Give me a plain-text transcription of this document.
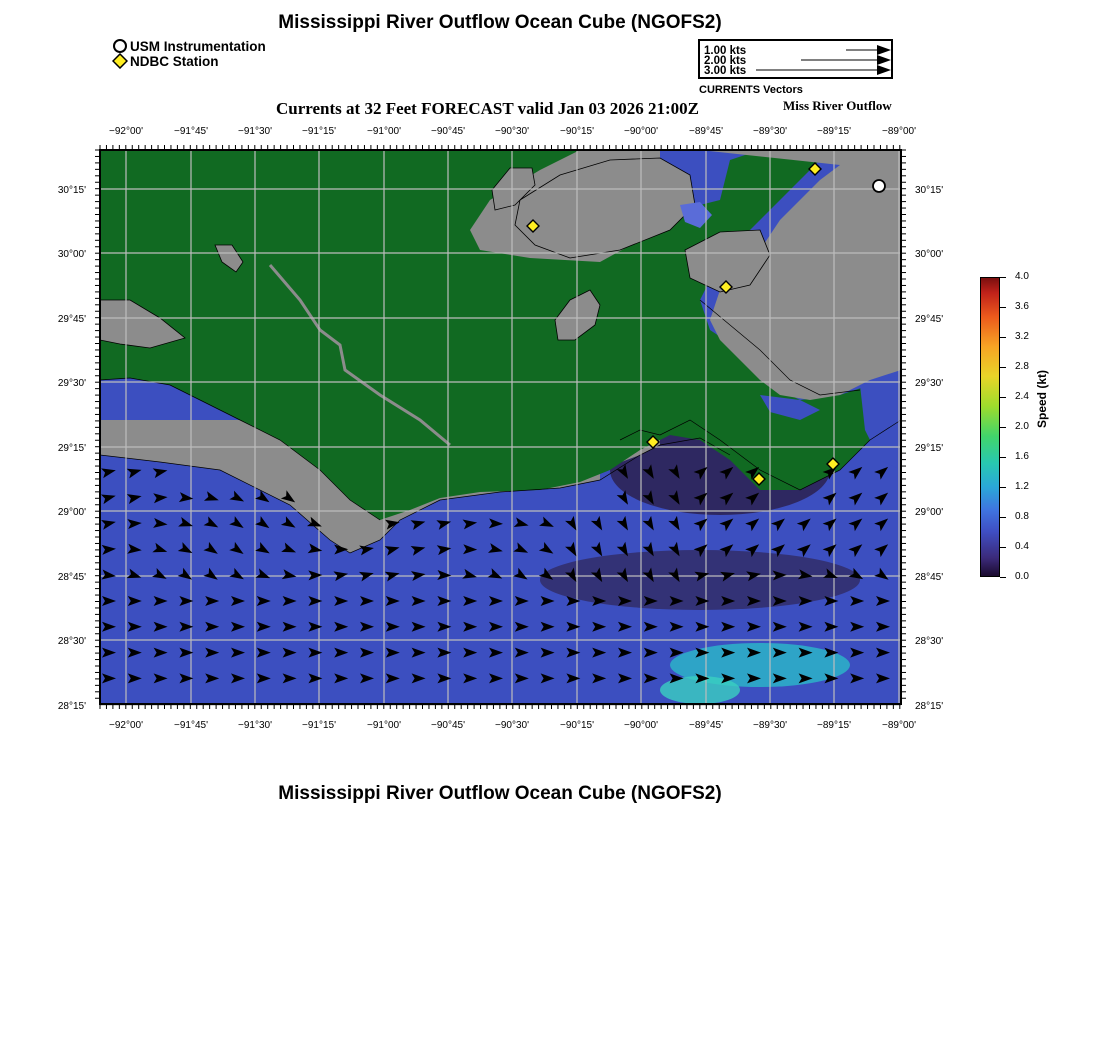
Mississippi River Outflow Ocean Cube (NGOFS2)
USM Instrumentation
NDBC Station
1.00 kts
2.00 kts
3.00 kts
CURRENTS Vectors
Currents at 32 Feet FORECAST valid Jan 03 2026 21:00Z	Miss River Outflow
−92°00'
−92°00'
−91°45'
−91°45'
−91°30'
−91°30'
−91°15'
−91°15'
−91°00'
−91°00'
−90°45'
−90°45'
−90°30'
−90°30'
−90°15'
−90°15'
−90°00'
−90°00'
−89°45'
−89°45'
−89°30'
−89°30'
−89°15'
−89°15'
−89°00'
−89°00'
30°15'	30°15'
30°00'	30°00'
29°45'	29°45'
29°30'	29°30'
29°15'	29°15'
29°00'	29°00'
28°45'	28°45'
28°30'	28°30'
28°15'	28°15'
4.0
3.6
3.2
2.8
2.4
2.0
1.6
1.2
0.8
0.4
0.0
Speed (kt)
Mississippi River Outflow Ocean Cube (NGOFS2)
